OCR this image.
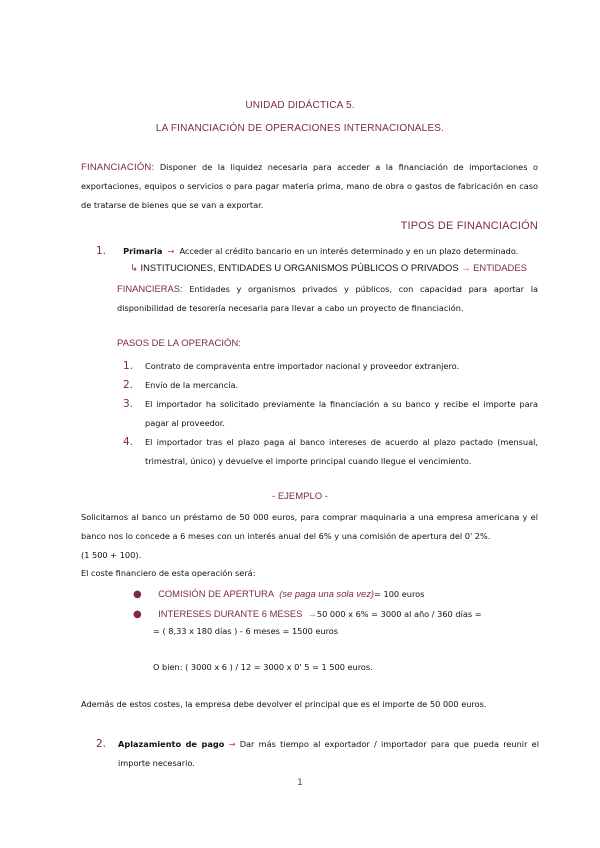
UNIDAD DIDÁCTICA 5.
LA FINANCIACIÓN DE OPERACIONES INTERNACIONALES.
FINANCIACIÓN: Disponer de la liquidez necesaria para acceder a la financiación de importaciones o exportaciones, equipos o servicios o para pagar materia prima, mano de obra o gastos de fabricación en caso de tratarse de bienes que se van a exportar.
TIPOS DE FINANCIACIÓN
1. Primaria → Acceder al crédito bancario en un interés determinado y en un plazo determinado.
↳ INSTITUCIONES, ENTIDADES U ORGANISMOS PÚBLICOS O PRIVADOS → ENTIDADES
FINANCIERAS: Entidades y organismos privados y públicos, con capacidad para aportar la disponibilidad de tesorería necesaria para llevar a cabo un proyecto de financiación.
PASOS DE LA OPERACIÓN:
1.	Contrato de compraventa entre importador nacional y proveedor extranjero.
2.	Envío de la mercancía.
3.	El importador ha solicitado previamente la financiación a su banco y recibe el importe para pagar al proveedor.
4.	El importador tras el plazo paga al banco intereses de acuerdo al plazo pactado (mensual, trimestral, único) y devuelve el importe principal cuando llegue el vencimiento.
- EJEMPLO -
Solicitamos al banco un préstamo de 50 000 euros, para comprar maquinaria a una empresa americana y el banco nos lo concede a 6 meses con un interés anual del 6% y una comisión de apertura del 0' 2%.
(1 500 + 100).
El coste financiero de esta operación será:
● COMISIÓN DE APERTURA (se paga una sola vez)= 100 euros
● INTERESES DURANTE 6 MESES →50 000 x 6% = 3000 al año / 360 días =
= ( 8,33 x 180 días ) - 6 meses = 1500 euros
O bien: ( 3000 x 6 ) / 12 = 3000 x 0' 5 = 1 500 euros.
Además de estos costes, la empresa debe devolver el principal que es el importe de 50 000 euros.
2.	Aplazamiento de pago → Dar más tiempo al exportador / importador para que pueda reunir el importe necesario.
1
